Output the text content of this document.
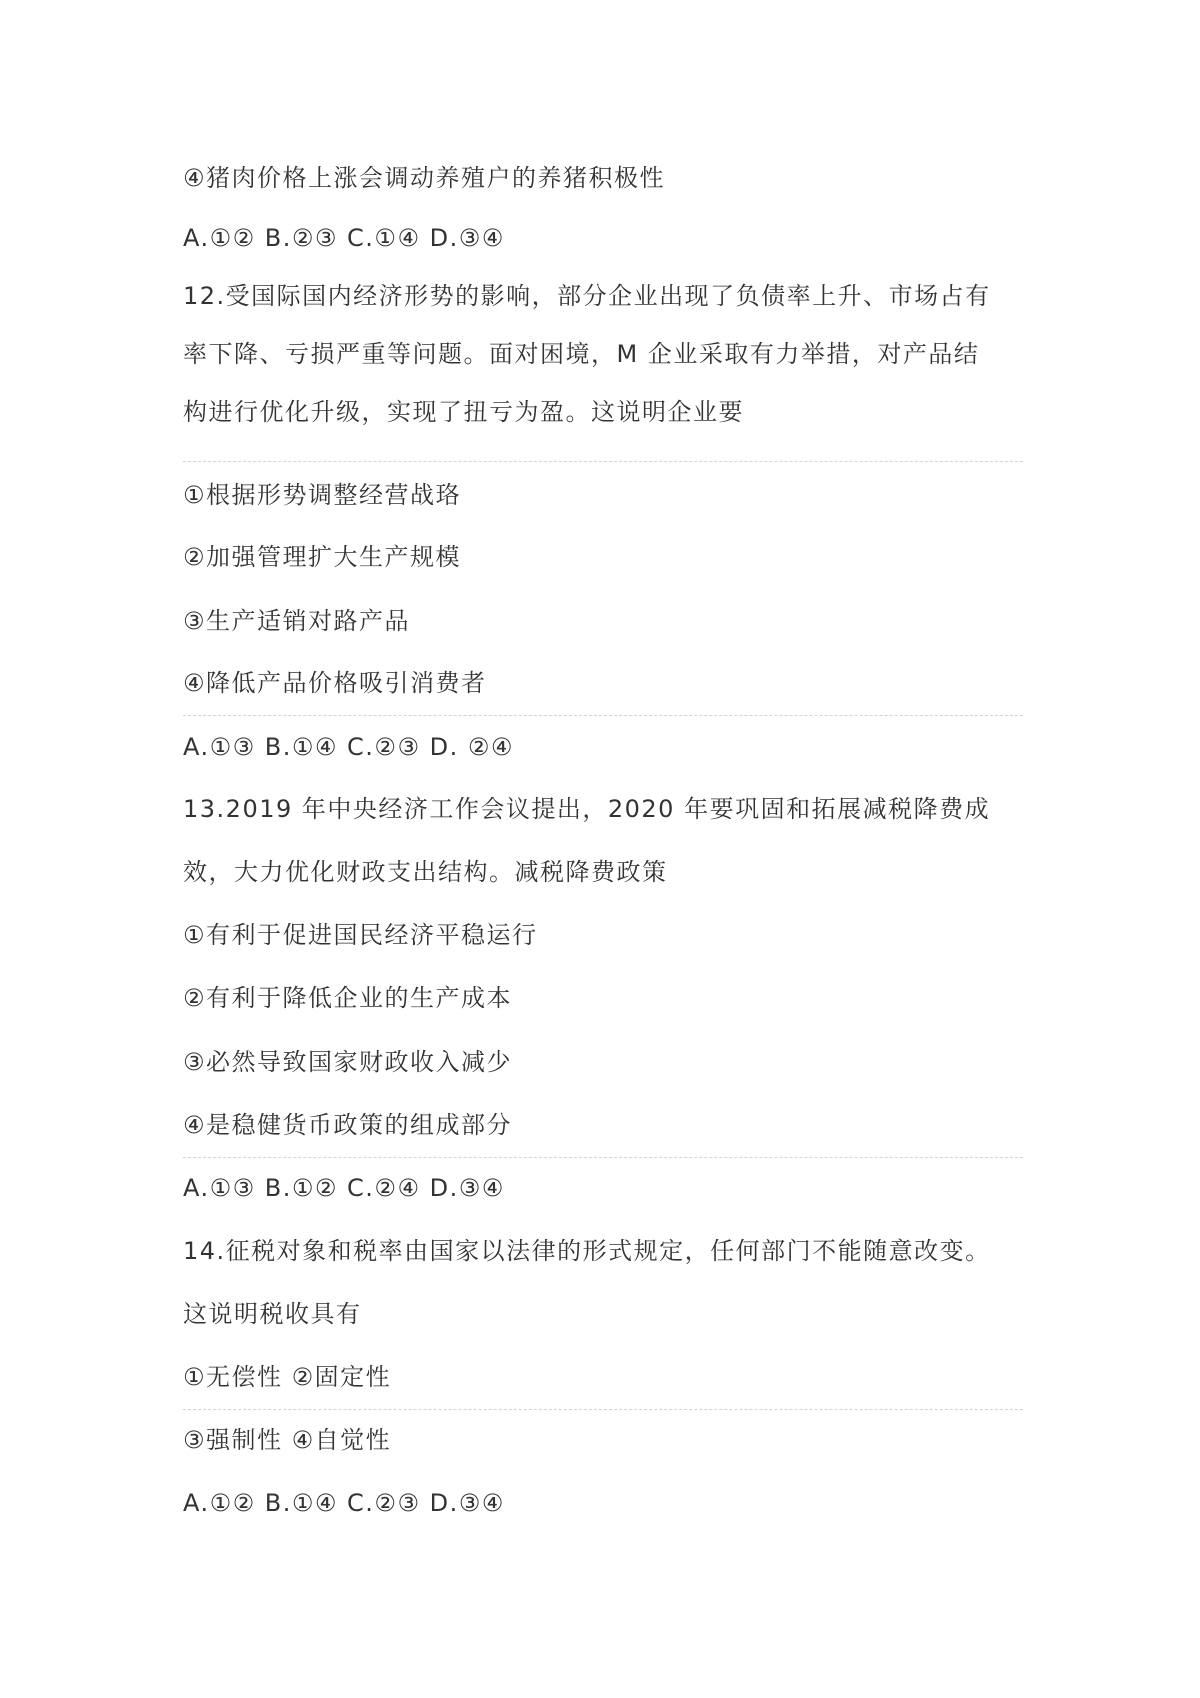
④猪肉价格上涨会调动养殖户的养猪积极性
A.①② B.②③ C.①④ D.③④
12.受国际国内经济形势的影响，部分企业出现了负债率上升、市场占有
率下降、亏损严重等问题。面对困境，M 企业采取有力举措，对产品结
构进行优化升级，实现了扭亏为盈。这说明企业要
①根据形势调整经营战珞
②加强管理扩大生产规模
③生产适销对路产品
④降低产品价格吸引消费者
A.①③ B.①④ C.②③ D. ②④
13.2019 年中央经济工作会议提出，2020 年要巩固和拓展减税降费成
效，大力优化财政支出结构。减税降费政策
①有利于促进国民经济平稳运行
②有利于降低企业的生产成本
③必然导致国家财政收入减少
④是稳健货币政策的组成部分
A.①③ B.①② C.②④ D.③④
14.征税对象和税率由国家以法律的形式规定，任何部门不能随意改变。
这说明税收具有
①无偿性 ②固定性
③强制性 ④自觉性
A.①② B.①④ C.②③ D.③④
